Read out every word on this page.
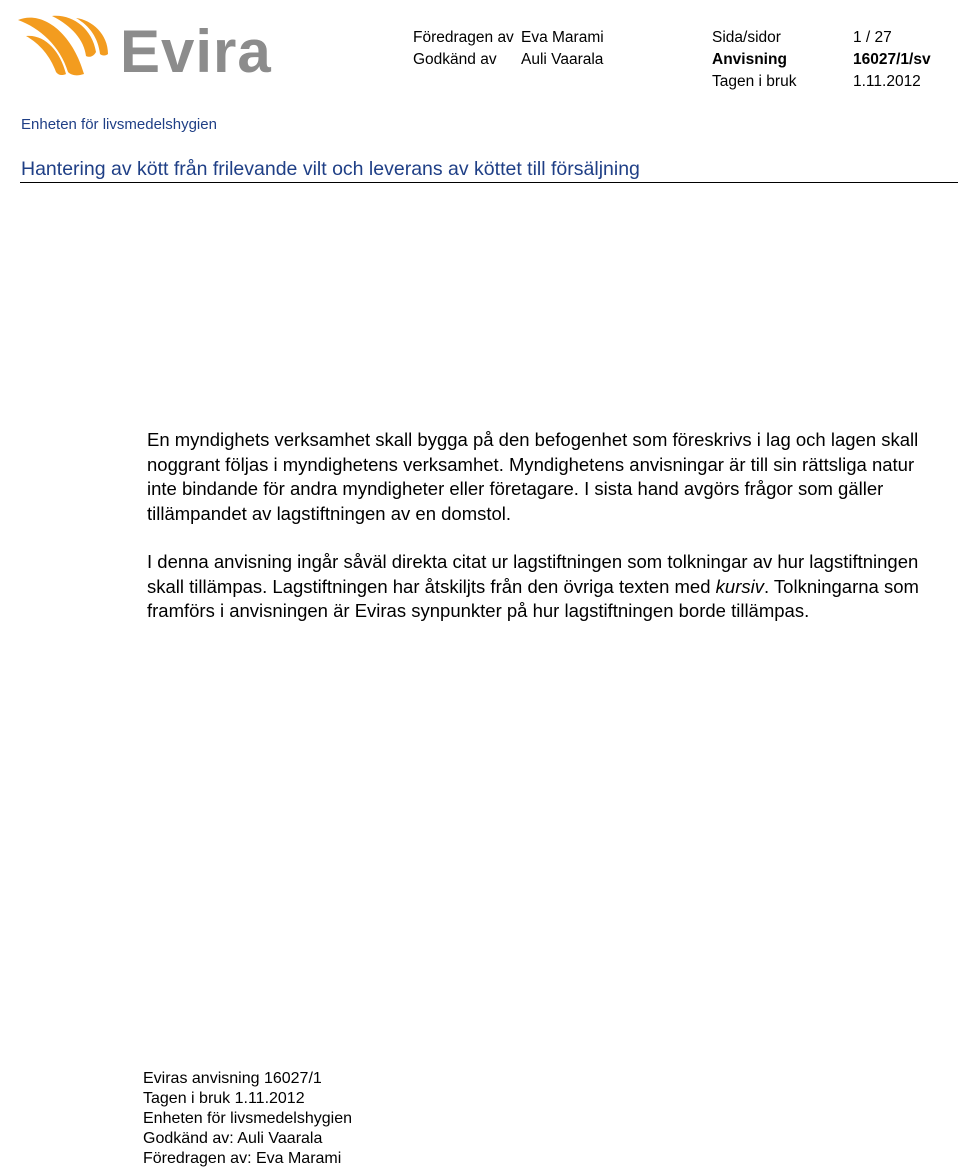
Evira	Föredragen av Eva Marami
Godkänd av Auli Vaarala
Sida/sidor	1 / 27
Anvisning	16027/1/sv
Tagen i bruk	1.11.2012
Enheten för livsmedelshygien
Hantering av kött från frilevande vilt och leverans av köttet till försäljning

En myndighets verksamhet skall bygga på den befogenhet som föreskrivs i lag och lagen skall noggrant följas i myndighetens verksamhet. Myndighetens anvisningar är till sin rättsliga natur inte bindande för andra myndigheter eller företagare. I sista hand avgörs frågor som gäller tillämpandet av lagstiftningen av en domstol.

I denna anvisning ingår såväl direkta citat ur lagstiftningen som tolkningar av hur lagstiftningen skall tillämpas. Lagstiftningen har åtskiljts från den övriga texten med kursiv. Tolkningarna som framförs i anvisningen är Eviras synpunkter på hur lagstiftningen borde tillämpas.

Eviras anvisning 16027/1
Tagen i bruk 1.11.2012
Enheten för livsmedelshygien
Godkänd av: Auli Vaarala
Föredragen av: Eva Marami
